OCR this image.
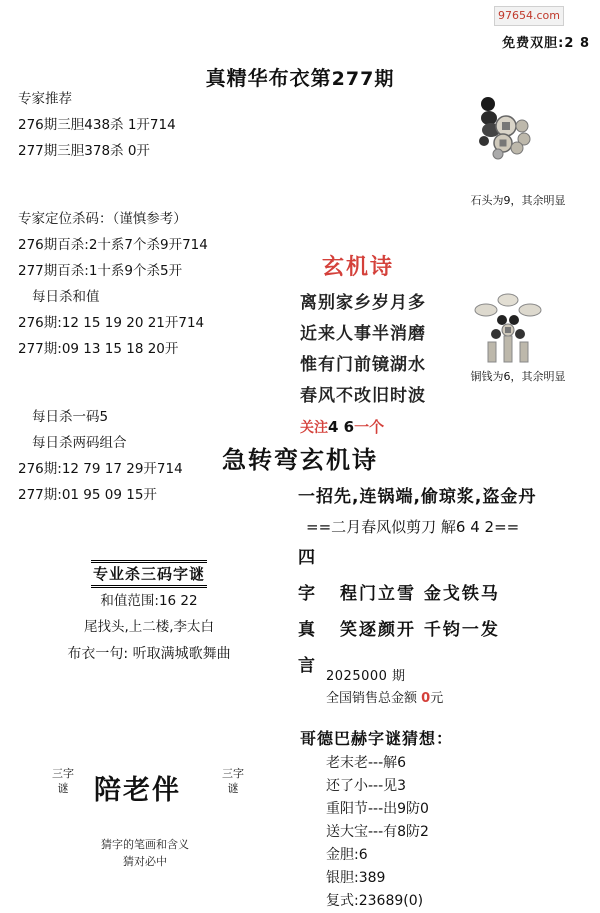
97654.com
免费双胆:2 8
真精华布衣第277期
专家推荐
276期三胆438杀 1开714
277期三胆378杀 0开
专家定位杀码：（谨慎参考）
276期百杀:2十系7个杀9开714
277期百杀:1十系9个杀5开
每日杀和值
276期:12 15 19 20 21开714
277期:09 13 15 18 20开
每日杀一码5
每日杀两码组合
276期:12 79 17 29开714
277期:01 95 09 15开
专业杀三码字谜
和值范围:16 22
尾找头,上二楼,李太白
布衣一句: 听取满城歌舞曲
三字谜 陪老伴
三字谜
猜字的笔画和含义
猜对必中
石头为9，其余明显
铜钱为6，其余明显
玄机诗
离别家乡岁月多
近来人事半消磨
惟有门前镜湖水
春风不改旧时波
关注4 6一个
急转弯玄机诗
一招先,连锅端,偷琼浆,盗金丹
==二月春风似剪刀 解6 4 2==
四
字	程门立雪 金戈铁马
真	笑逐颜开 千钧一发
言
2025000 期
全国销售总金额 0元
哥德巴赫字谜猜想：
老末老---解6
还了小---见3
重阳节---出9防0
送大宝---有8防2
金胆:6
银胆:389
复式:23689(0)
